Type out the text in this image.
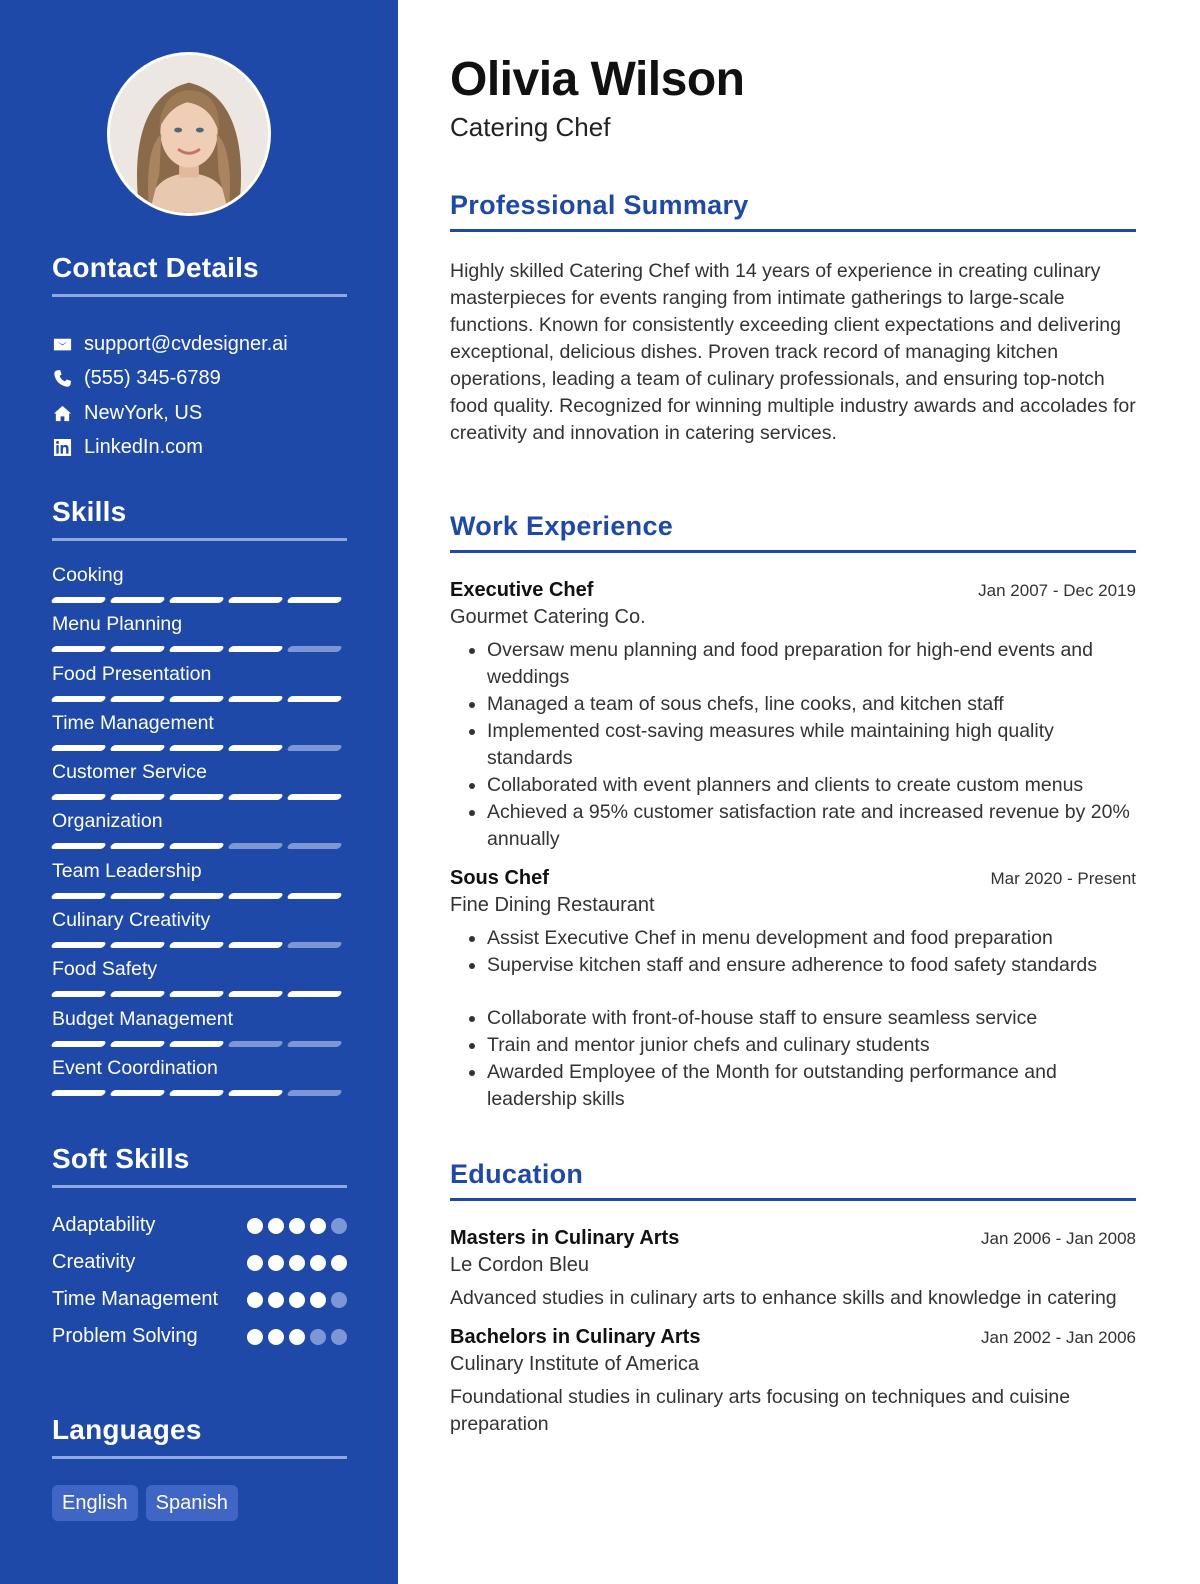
Contact Details
support@cvdesigner.ai
(555) 345-6789
NewYork, US
LinkedIn.com
Skills
Cooking
Menu Planning
Food Presentation
Time Management
Customer Service
Organization
Team Leadership
Culinary Creativity
Food Safety
Budget Management
Event Coordination
Soft Skills
Adaptability
Creativity
Time Management
Problem Solving
Languages
English	Spanish
Olivia Wilson
Catering Chef
Professional Summary

Highly skilled Catering Chef with 14 years of experience in creating culinary masterpieces for events ranging from intimate gatherings to large-scale functions. Known for consistently exceeding client expectations and delivering exceptional, delicious dishes. Proven track record of managing kitchen operations, leading a team of culinary professionals, and ensuring top-notch food quality. Recognized for winning multiple industry awards and accolades for creativity and innovation in catering services.

Work Experience
Executive Chef	Jan 2007 - Dec 2019
Gourmet Catering Co.
• Oversaw menu planning and food preparation for high-end events and weddings
• Managed a team of sous chefs, line cooks, and kitchen staff
• Implemented cost-saving measures while maintaining high quality standards
• Collaborated with event planners and clients to create custom menus
• Achieved a 95% customer satisfaction rate and increased revenue by 20% annually
Sous Chef	Mar 2020 - Present
Fine Dining Restaurant
• Assist Executive Chef in menu development and food preparation
• Supervise kitchen staff and ensure adherence to food safety standards
• Collaborate with front-of-house staff to ensure seamless service
• Train and mentor junior chefs and culinary students
• Awarded Employee of the Month for outstanding performance and leadership skills
Education
Masters in Culinary Arts	Jan 2006 - Jan 2008
Le Cordon Bleu

Advanced studies in culinary arts to enhance skills and knowledge in catering

Bachelors in Culinary Arts	Jan 2002 - Jan 2006
Culinary Institute of America

Foundational studies in culinary arts focusing on techniques and cuisine preparation
